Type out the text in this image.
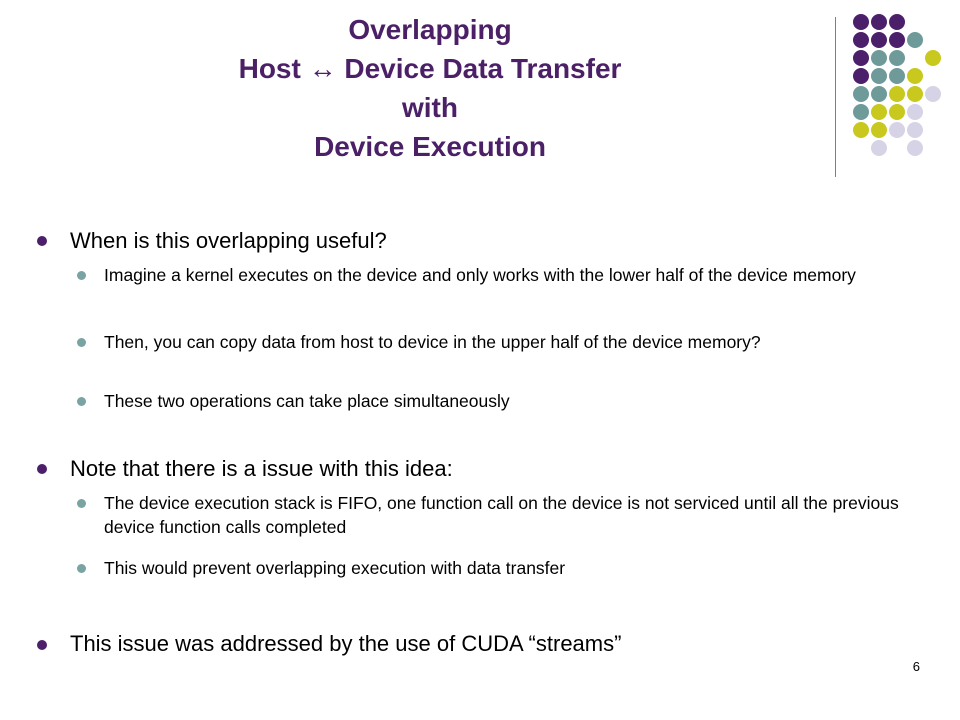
Overlapping
Host ↔ Device Data Transfer
with
Device Execution
When is this overlapping useful?
Imagine a kernel executes on the device and only works with the lower half of the device memory
Then, you can copy data from host to device in the upper half of the device memory?
These two operations can take place simultaneously
Note that there is a issue with this idea:
The device execution stack is FIFO, one function call on the device is not serviced until all the previous device function calls completed
This would prevent overlapping execution with data transfer
This issue was addressed by the use of CUDA “streams”
6
